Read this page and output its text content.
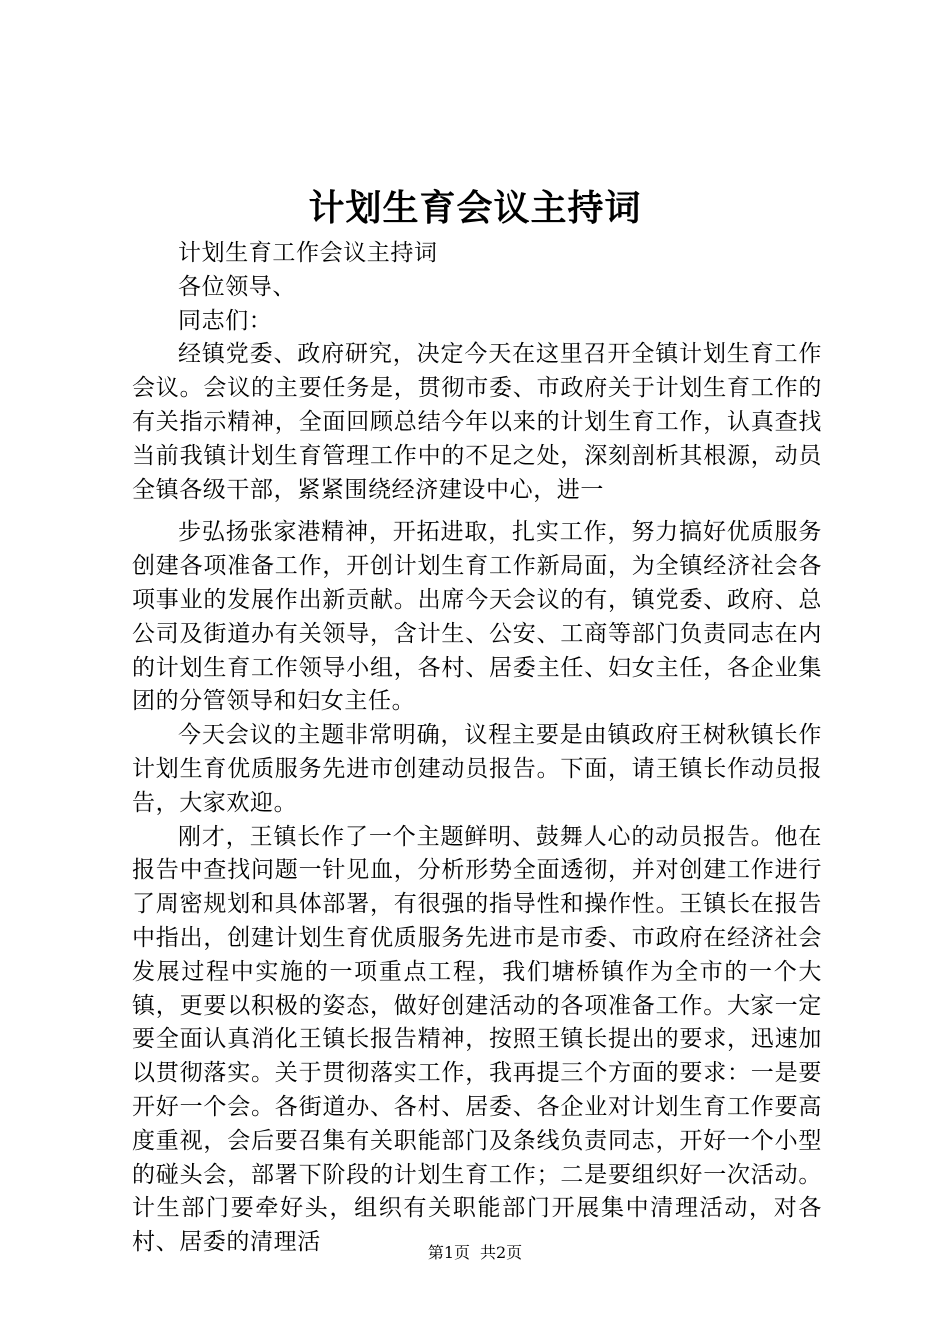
计划生育会议主持词

计划生育工作会议主持词

各位领导、

同志们：

经镇党委、政府研究，决定今天在这里召开全镇计划生育工作会议。会议的主要任务是，贯彻市委、市政府关于计划生育工作的有关指示精神，全面回顾总结今年以来的计划生育工作，认真查找当前我镇计划生育管理工作中的不足之处，深刻剖析其根源，动员全镇各级干部，紧紧围绕经济建设中心，进一

步弘扬张家港精神，开拓进取，扎实工作，努力搞好优质服务创建各项准备工作，开创计划生育工作新局面，为全镇经济社会各项事业的发展作出新贡献。出席今天会议的有，镇党委、政府、总公司及街道办有关领导，含计生、公安、工商等部门负责同志在内的计划生育工作领导小组，各村、居委主任、妇女主任，各企业集团的分管领导和妇女主任。

今天会议的主题非常明确，议程主要是由镇政府王树秋镇长作计划生育优质服务先进市创建动员报告。下面，请王镇长作动员报告，大家欢迎。

刚才，王镇长作了一个主题鲜明、鼓舞人心的动员报告。他在报告中查找问题一针见血，分析形势全面透彻，并对创建工作进行了周密规划和具体部署，有很强的指导性和操作性。王镇长在报告中指出，创建计划生育优质服务先进市是市委、市政府在经济社会发展过程中实施的一项重点工程，我们塘桥镇作为全市的一个大镇，更要以积极的姿态，做好创建活动的各项准备工作。大家一定要全面认真消化王镇长报告精神，按照王镇长提出的要求，迅速加以贯彻落实。关于贯彻落实工作，我再提三个方面的要求：一是要开好一个会。各街道办、各村、居委、各企业对计划生育工作要高度重视，会后要召集有关职能部门及条线负责同志，开好一个小型的碰头会，部署下阶段的计划生育工作；二是要组织好一次活动。计生部门要牵好头，组织有关职能部门开展集中清理活动，对各村、居委的清理活	第1页 共2页
